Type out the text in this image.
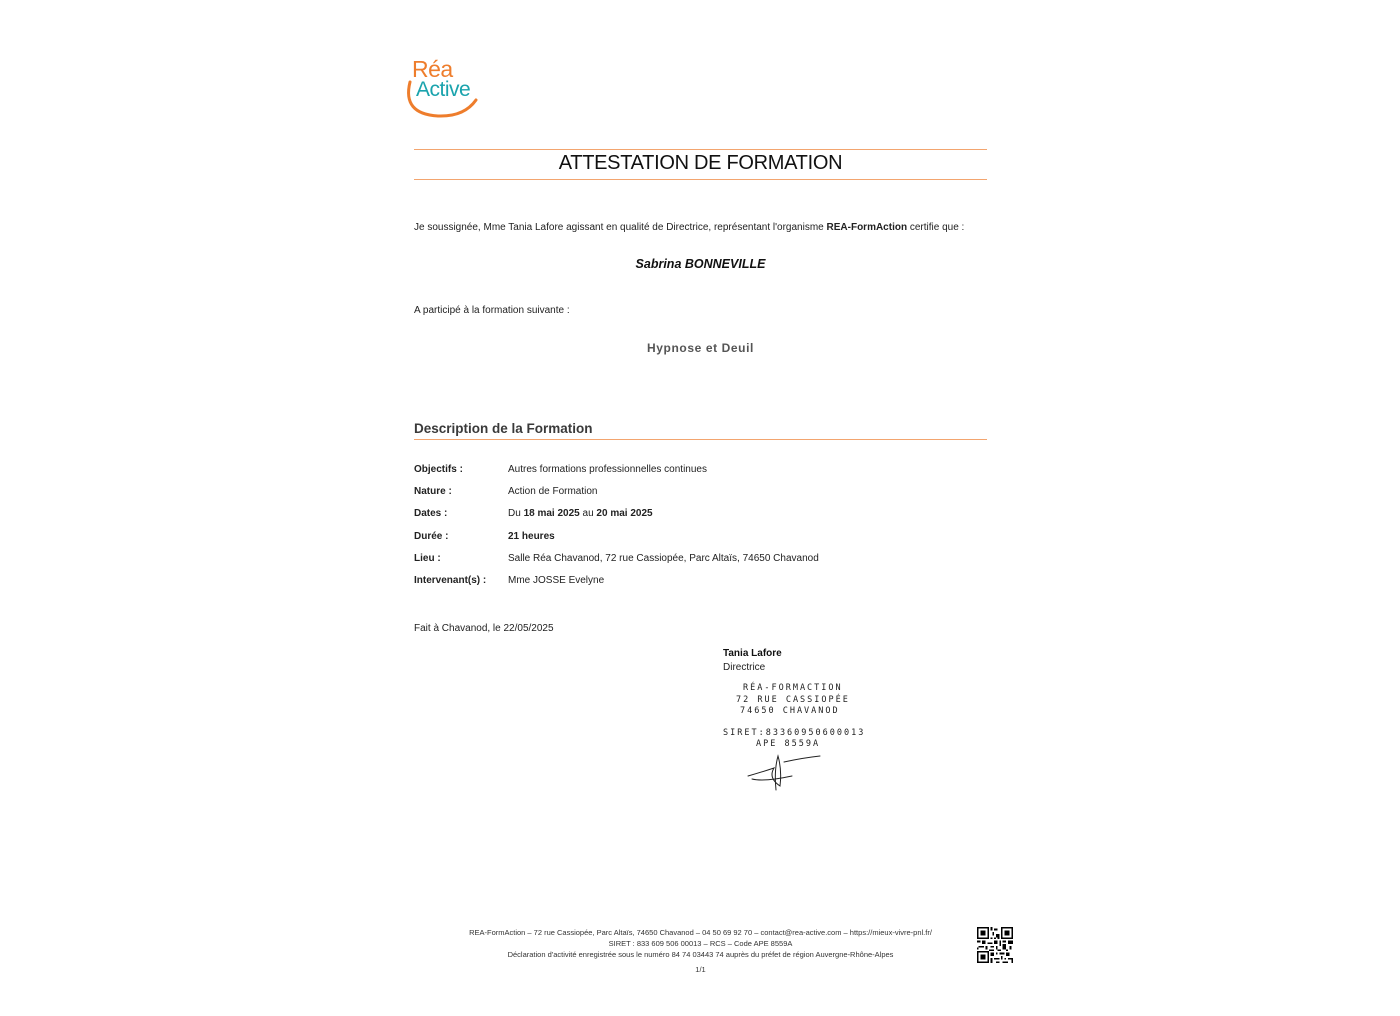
Réa
Active
ATTESTATION DE FORMATION
Je soussignée, Mme Tania Lafore agissant en qualité de Directrice, représentant l'organisme REA-FormAction certifie que :
Sabrina BONNEVILLE
A participé à la formation suivante :
Hypnose et Deuil
Description de la Formation
Objectifs :	Autres formations professionnelles continues
Nature :	Action de Formation
Dates :	Du 18 mai 2025 au 20 mai 2025
Durée :	21 heures
Lieu :	Salle Réa Chavanod, 72 rue Cassiopée, Parc Altaïs, 74650 Chavanod
Intervenant(s) : Mme JOSSE Evelyne
Fait à Chavanod, le 22/05/2025
Tania Lafore
Directrice
RÉA-FORMACTION
72 RUE CASSIOPÉE
74650 CHAVANOD
SIRET:83360950600013
APE 8559A
REA-FormAction – 72 rue Cassiopée, Parc Altaïs, 74650 Chavanod – 04 50 69 92 70 – contact@rea-active.com – https://mieux-vivre-pnl.fr/
SIRET : 833 609 506 00013 – RCS – Code APE 8559A
Déclaration d'activité enregistrée sous le numéro 84 74 03443 74 auprès du préfet de région Auvergne-Rhône-Alpes
1/1
